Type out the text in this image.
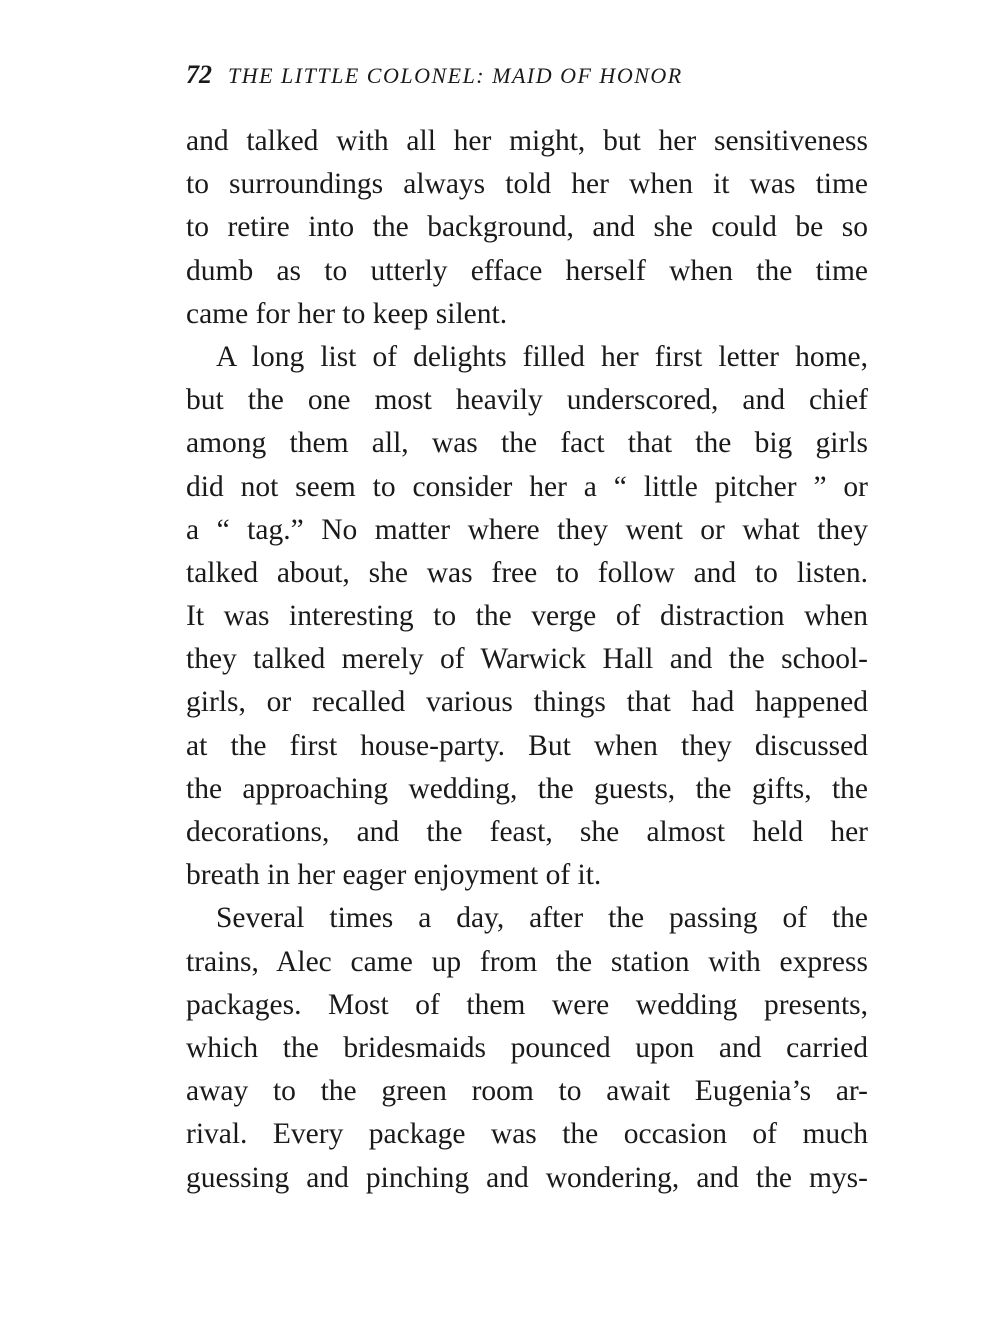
72 THE LITTLE COLONEL: MAID OF HONOR
and talked with all her might, but her sensitiveness
to surroundings always told her when it was time
to retire into the background, and she could be so
dumb as to utterly efface herself when the time
came for her to keep silent.
A long list of delights filled her first letter home,
but the one most heavily underscored, and chief
among them all, was the fact that the big girls
did not seem to consider her a “ little pitcher ” or
a “ tag.” No matter where they went or what they
talked about, she was free to follow and to listen.
It was interesting to the verge of distraction when
they talked merely of Warwick Hall and the school-
girls, or recalled various things that had happened
at the first house-party. But when they discussed
the approaching wedding, the guests, the gifts, the
decorations, and the feast, she almost held her
breath in her eager enjoyment of it.
Several times a day, after the passing of the
trains, Alec came up from the station with express
packages. Most of them were wedding presents,
which the bridesmaids pounced upon and carried
away to the green room to await Eugenia’s ar-
rival. Every package was the occasion of much
guessing and pinching and wondering, and the mys-
